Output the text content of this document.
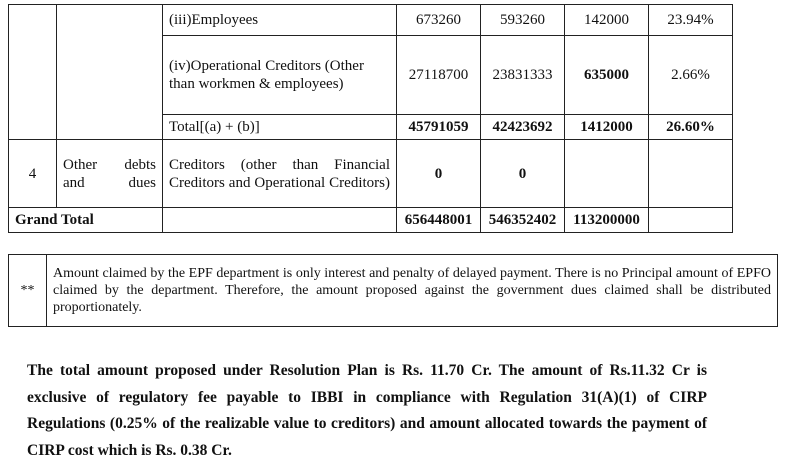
		(iii)Employees	673260	593260	142000	23.94%
		(iv)Operational Creditors (Other than workmen & employees)	27118700	23831333	635000	2.66%
		Total[(a) + (b)]	45791059	42423692	1412000	26.60%
4	Other debts and dues	Creditors (other than Financial Creditors and Operational Creditors)	0	0		
Grand Total			656448001	546352402	113200000	
**	Amount claimed by the EPF department is only interest and penalty of delayed payment. There is no Principal amount of EPFO claimed by the department. Therefore, the amount proposed against the government dues claimed shall be distributed proportionately.
The total amount proposed under Resolution Plan is Rs. 11.70 Cr. The amount of Rs.11.32 Cr is exclusive of regulatory fee payable to IBBI in compliance with Regulation 31(A)(1) of CIRP Regulations (0.25% of the realizable value to creditors) and amount allocated towards the payment of CIRP cost which is Rs. 0.38 Cr.
